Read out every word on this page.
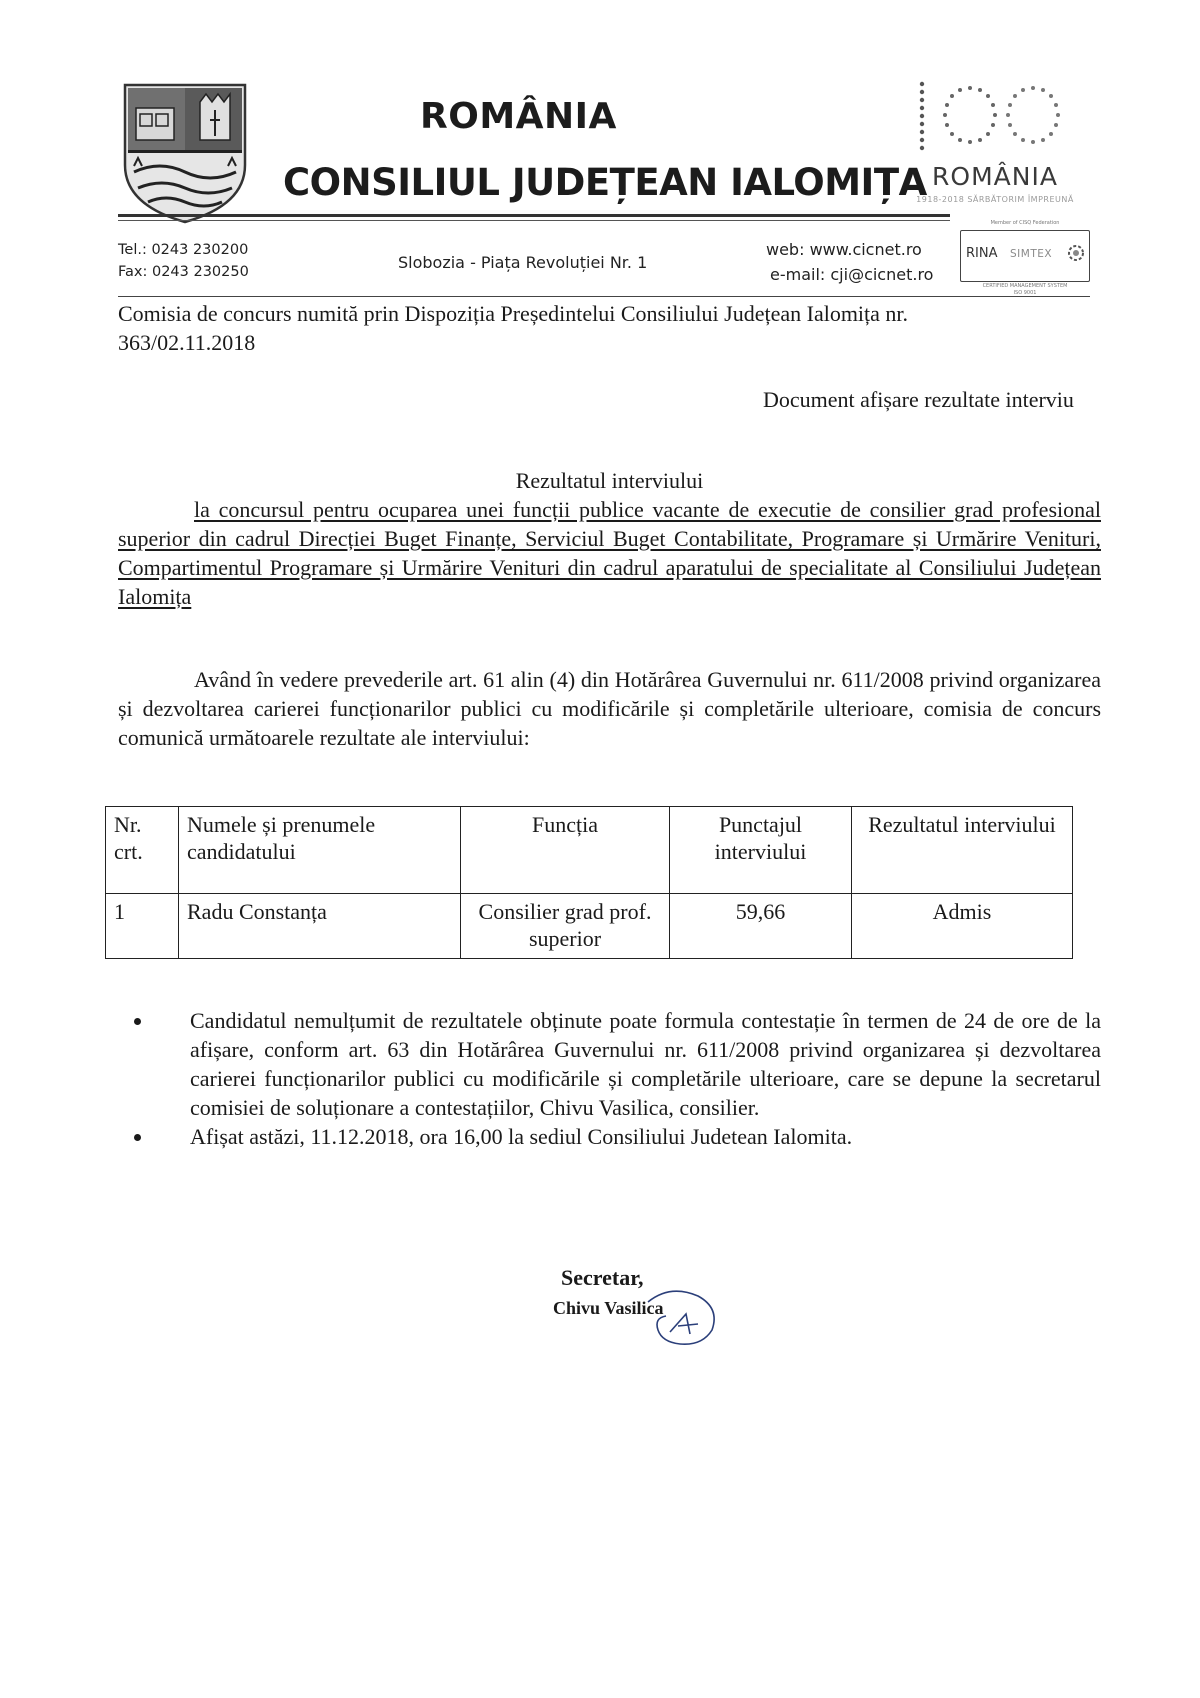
ROMÂNIA
CONSILIUL JUDEȚEAN IALOMIȚA ROMÂNIA
1918-2018 SĂRBĂTORIM ÎMPREUNĂ
Tel.: 0243 230200
Fax: 0243 230250	Slobozia - Piața Revoluției Nr. 1
web: www.cicnet.ro
e-mail: cji@cicnet.ro
Member of CISQ Federation
RINA SIMTEX
CERTIFIED MANAGEMENT SYSTEM
ISO 9001
Comisia de concurs numită prin Dispoziția Președintelui Consiliului Județean Ialomița nr. 363/02.11.2018
Document afișare rezultate interviu
Rezultatul interviului
la concursul pentru ocuparea unei funcții publice vacante de executie de consilier grad profesional superior din cadrul Direcției Buget Finanțe, Serviciul Buget Contabilitate, Programare și Urmărire Venituri, Compartimentul Programare și Urmărire Venituri din cadrul aparatului de specialitate al Consiliului Județean Ialomița
Având în vedere prevederile art. 61 alin (4) din Hotărârea Guvernului nr. 611/2008 privind organizarea și dezvoltarea carierei funcționarilor publici cu modificările și completările ulterioare, comisia de concurs comunică următoarele rezultate ale interviului:
Nr. crt.	Numele și prenumele candidatului	Funcția	Punctajul interviului	Rezultatul interviului
1	Radu Constanța	Consilier grad prof. superior	59,66	Admis
Candidatul nemulțumit de rezultatele obținute poate formula contestație în termen de 24 de ore de la afișare, conform art. 63 din Hotărârea Guvernului nr. 611/2008 privind organizarea și dezvoltarea carierei funcționarilor publici cu modificările și completările ulterioare, care se depune la secretarul comisiei de soluționare a contestațiilor, Chivu Vasilica, consilier.
Afișat astăzi, 11.12.2018, ora 16,00 la sediul Consiliului Judetean Ialomita.
Secretar,
Chivu Vasilica
